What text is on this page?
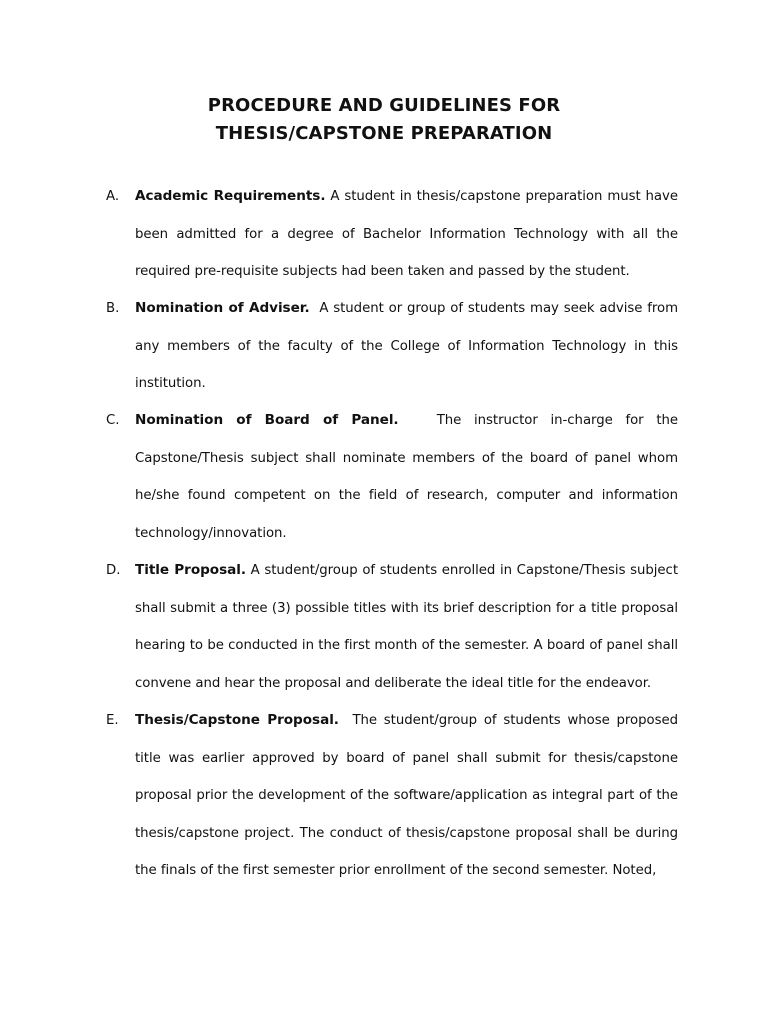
PROCEDURE AND GUIDELINES FOR
THESIS/CAPSTONE PREPARATION
A. Academic Requirements. A student in thesis/capstone preparation must have been admitted for a degree of Bachelor Information Technology with all the required pre-requisite subjects had been taken and passed by the student.

B. Nomination of Adviser. A student or group of students may seek advise from any members of the faculty of the College of Information Technology in this institution.

C. Nomination of Board of Panel.	The instructor in-charge for the Capstone/Thesis subject shall nominate members of the board of panel whom he/she found competent on the field of research, computer and information technology/innovation.

D. Title Proposal. A student/group of students enrolled in Capstone/Thesis subject shall submit a three (3) possible titles with its brief description for a title proposal hearing to be conducted in the first month of the semester. A board of panel shall convene and hear the proposal and deliberate the ideal title for the endeavor.

E. Thesis/Capstone Proposal. The student/group of students whose proposed title was earlier approved by board of panel shall submit for thesis/capstone proposal prior the development of the software/application as integral part of the thesis/capstone project. The conduct of thesis/capstone proposal shall be during the finals of the first semester prior enrollment of the second semester. Noted,
